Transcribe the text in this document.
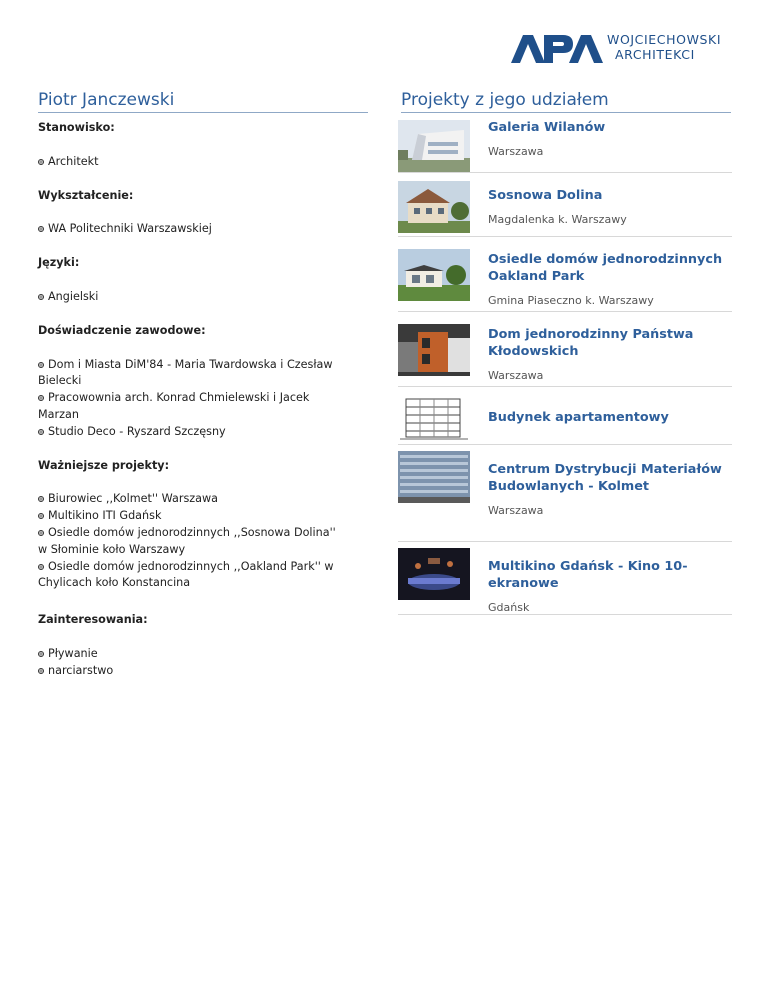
WOJCIECHOWSKI
ARCHITEKCI
Piotr Janczewski	Projekty z jego udziałem
Stanowisko:
Architekt
Wykształcenie:
WA Politechniki Warszawskiej
Języki:
Angielski
Doświadczenie zawodowe:
Dom i Miasta DiM'84 - Maria Twardowska i Czesław Bielecki
Pracowownia arch. Konrad Chmielewski i Jacek Marzan
Studio Deco - Ryszard Szczęsny
Ważniejsze projekty:
Biurowiec ,,Kolmet'' Warszawa
Multikino ITI Gdańsk
Osiedle domów jednorodzinnych ,,Sosnowa Dolina'' w Słominie koło Warszawy
Osiedle domów jednorodzinnych ,,Oakland Park'' w Chylicach koło Konstancina
Zainteresowania:
Pływanie
narciarstwo
Galeria Wilanów
Warszawa
Sosnowa Dolina
Magdalenka k. Warszawy
Osiedle domów jednorodzinnych Oakland Park
Gmina Piaseczno k. Warszawy
Dom jednorodzinny Państwa Kłodowskich
Warszawa
Budynek apartamentowy
Centrum Dystrybucji Materiałów Budowlanych - Kolmet
Warszawa
Multikino Gdańsk - Kino 10-ekranowe
Gdańsk
